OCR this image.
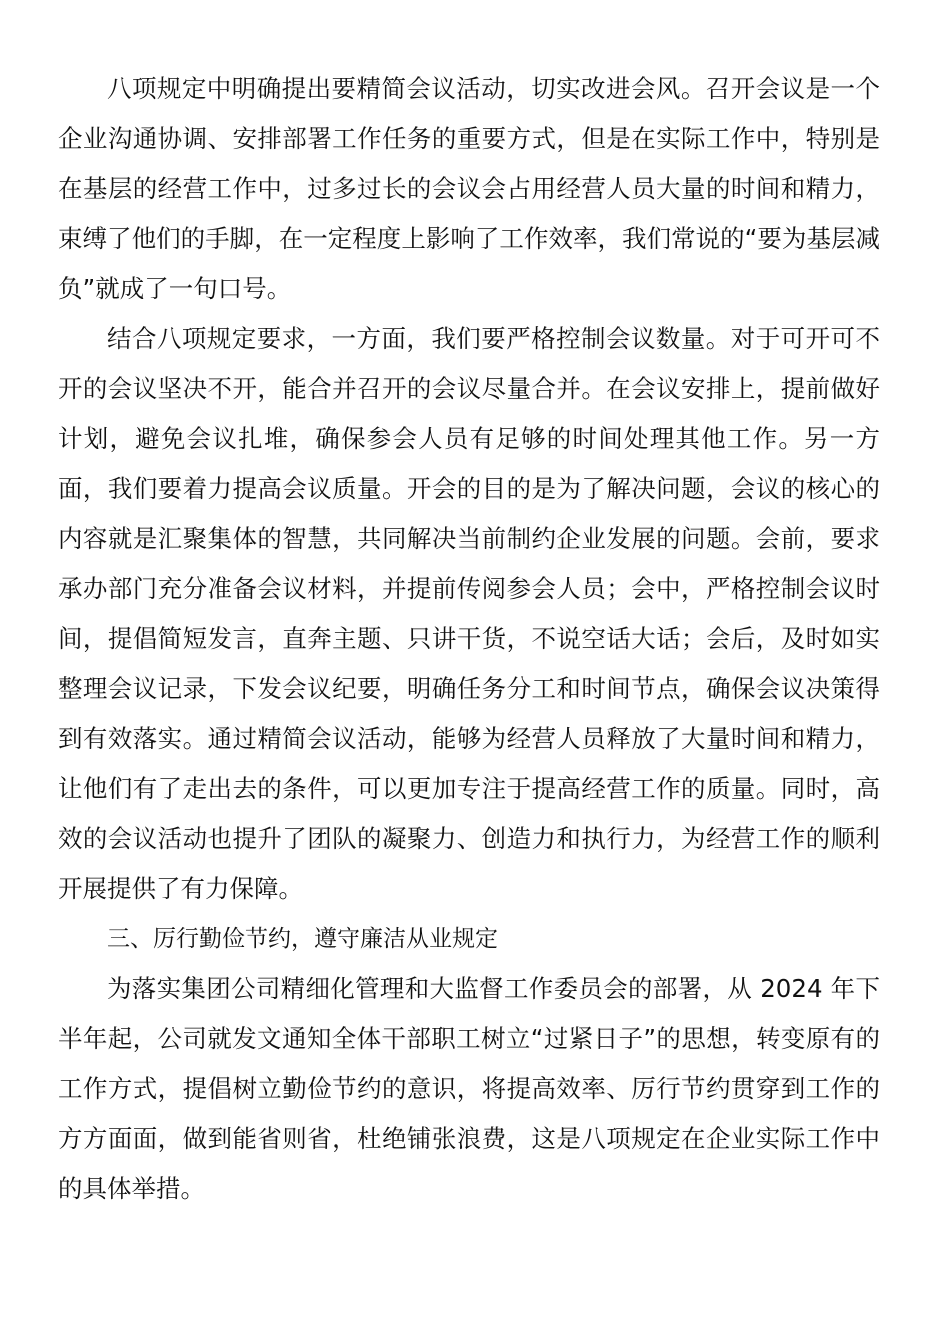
八项规定中明确提出要精简会议活动，切实改进会风。召开会议是一个企业沟通协调、安排部署工作任务的重要方式，但是在实际工作中，特别是在基层的经营工作中，过多过长的会议会占用经营人员大量的时间和精力，束缚了他们的手脚，在一定程度上影响了工作效率，我们常说的“要为基层减负”就成了一句口号。

结合八项规定要求，一方面，我们要严格控制会议数量。对于可开可不开的会议坚决不开，能合并召开的会议尽量合并。在会议安排上，提前做好计划，避免会议扎堆，确保参会人员有足够的时间处理其他工作。另一方面，我们要着力提高会议质量。开会的目的是为了解决问题，会议的核心的内容就是汇聚集体的智慧，共同解决当前制约企业发展的问题。会前，要求承办部门充分准备会议材料，并提前传阅参会人员；会中，严格控制会议时间，提倡简短发言，直奔主题、只讲干货，不说空话大话；会后，及时如实整理会议记录，下发会议纪要，明确任务分工和时间节点，确保会议决策得到有效落实。通过精简会议活动，能够为经营人员释放了大量时间和精力，让他们有了走出去的条件，可以更加专注于提高经营工作的质量。同时，高效的会议活动也提升了团队的凝聚力、创造力和执行力，为经营工作的顺利开展提供了有力保障。

三、厉行勤俭节约，遵守廉洁从业规定

为落实集团公司精细化管理和大监督工作委员会的部署，从 2024 年下半年起，公司就发文通知全体干部职工树立“过紧日子”的思想，转变原有的工作方式，提倡树立勤俭节约的意识，将提高效率、厉行节约贯穿到工作的方方面面，做到能省则省，杜绝铺张浪费，这是八项规定在企业实际工作中的具体举措。
